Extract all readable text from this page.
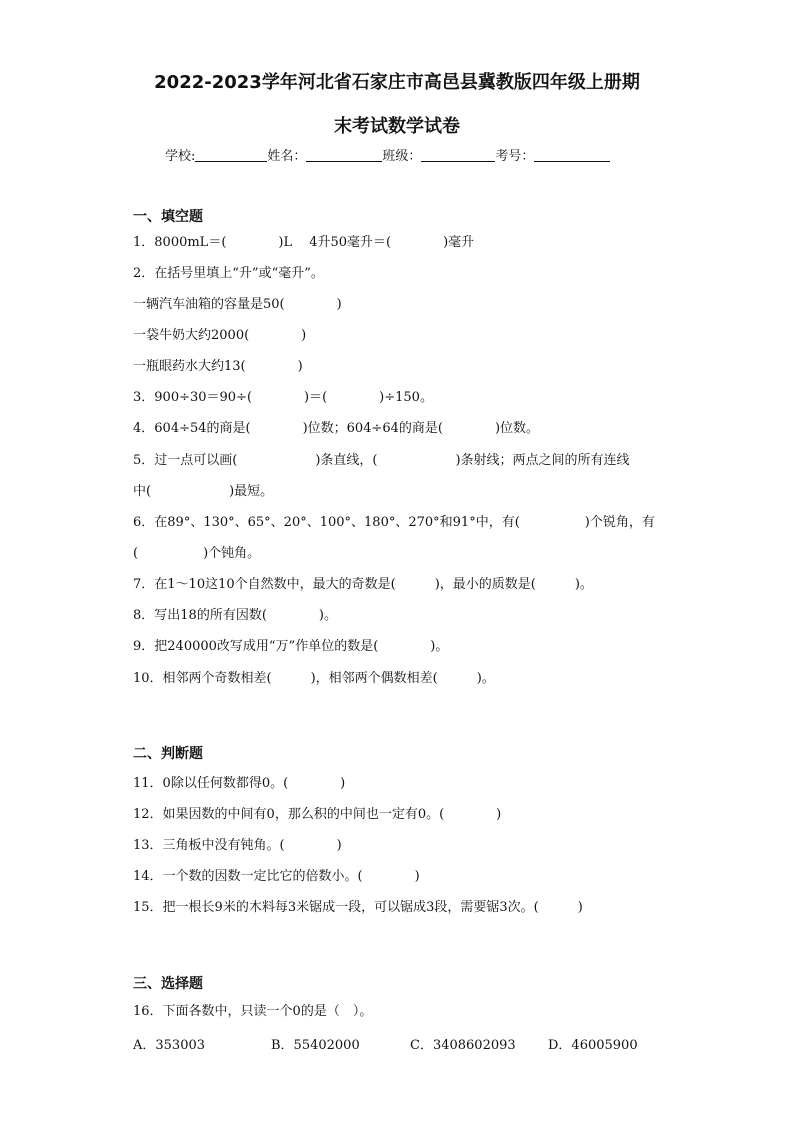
2022-2023学年河北省石家庄市高邑县冀教版四年级上册期
末考试数学试卷
学校:	姓名：	班级：	考号：
一、填空题
1．8000mL＝(　　　　)L　 4升50毫升＝(　　　　)毫升
2．在括号里填上“升”或“毫升”。
一辆汽车油箱的容量是50(　　　　)
一袋牛奶大约2000(　　　　)
一瓶眼药水大约13(　　　　)
3．900÷30＝90÷(　　　　)＝(　　　　)÷150。
4．604÷54的商是(　　　　)位数；604÷64的商是(　　　　)位数。
5．过一点可以画(　　　　　　)条直线，(　　　　　　)条射线；两点之间的所有连线
中(　　　　　　)最短。
6．在89°、130°、65°、20°、100°、180°、270°和91°中，有(　　　　　)个锐角，有
(　　　　　)个钝角。
7．在1～10这10个自然数中，最大的奇数是(　　　)，最小的质数是(　　　)。
8．写出18的所有因数(　　　　)。
9．把240000改写成用“万”作单位的数是(　　　　)。
10．相邻两个奇数相差(　　　)，相邻两个偶数相差(　　　)。
二、判断题
11．0除以任何数都得0。(　　　　)
12．如果因数的中间有0，那么积的中间也一定有0。(　　　　)
13．三角板中没有钝角。(　　　　)
14．一个数的因数一定比它的倍数小。(　　　　)
15．把一根长9米的木料每3米锯成一段，可以锯成3段，需要锯3次。(　　　)
三、选择题
16．下面各数中，只读一个0的是（　）。
A．353003	B．55402000	C．3408602093 D．46005900
